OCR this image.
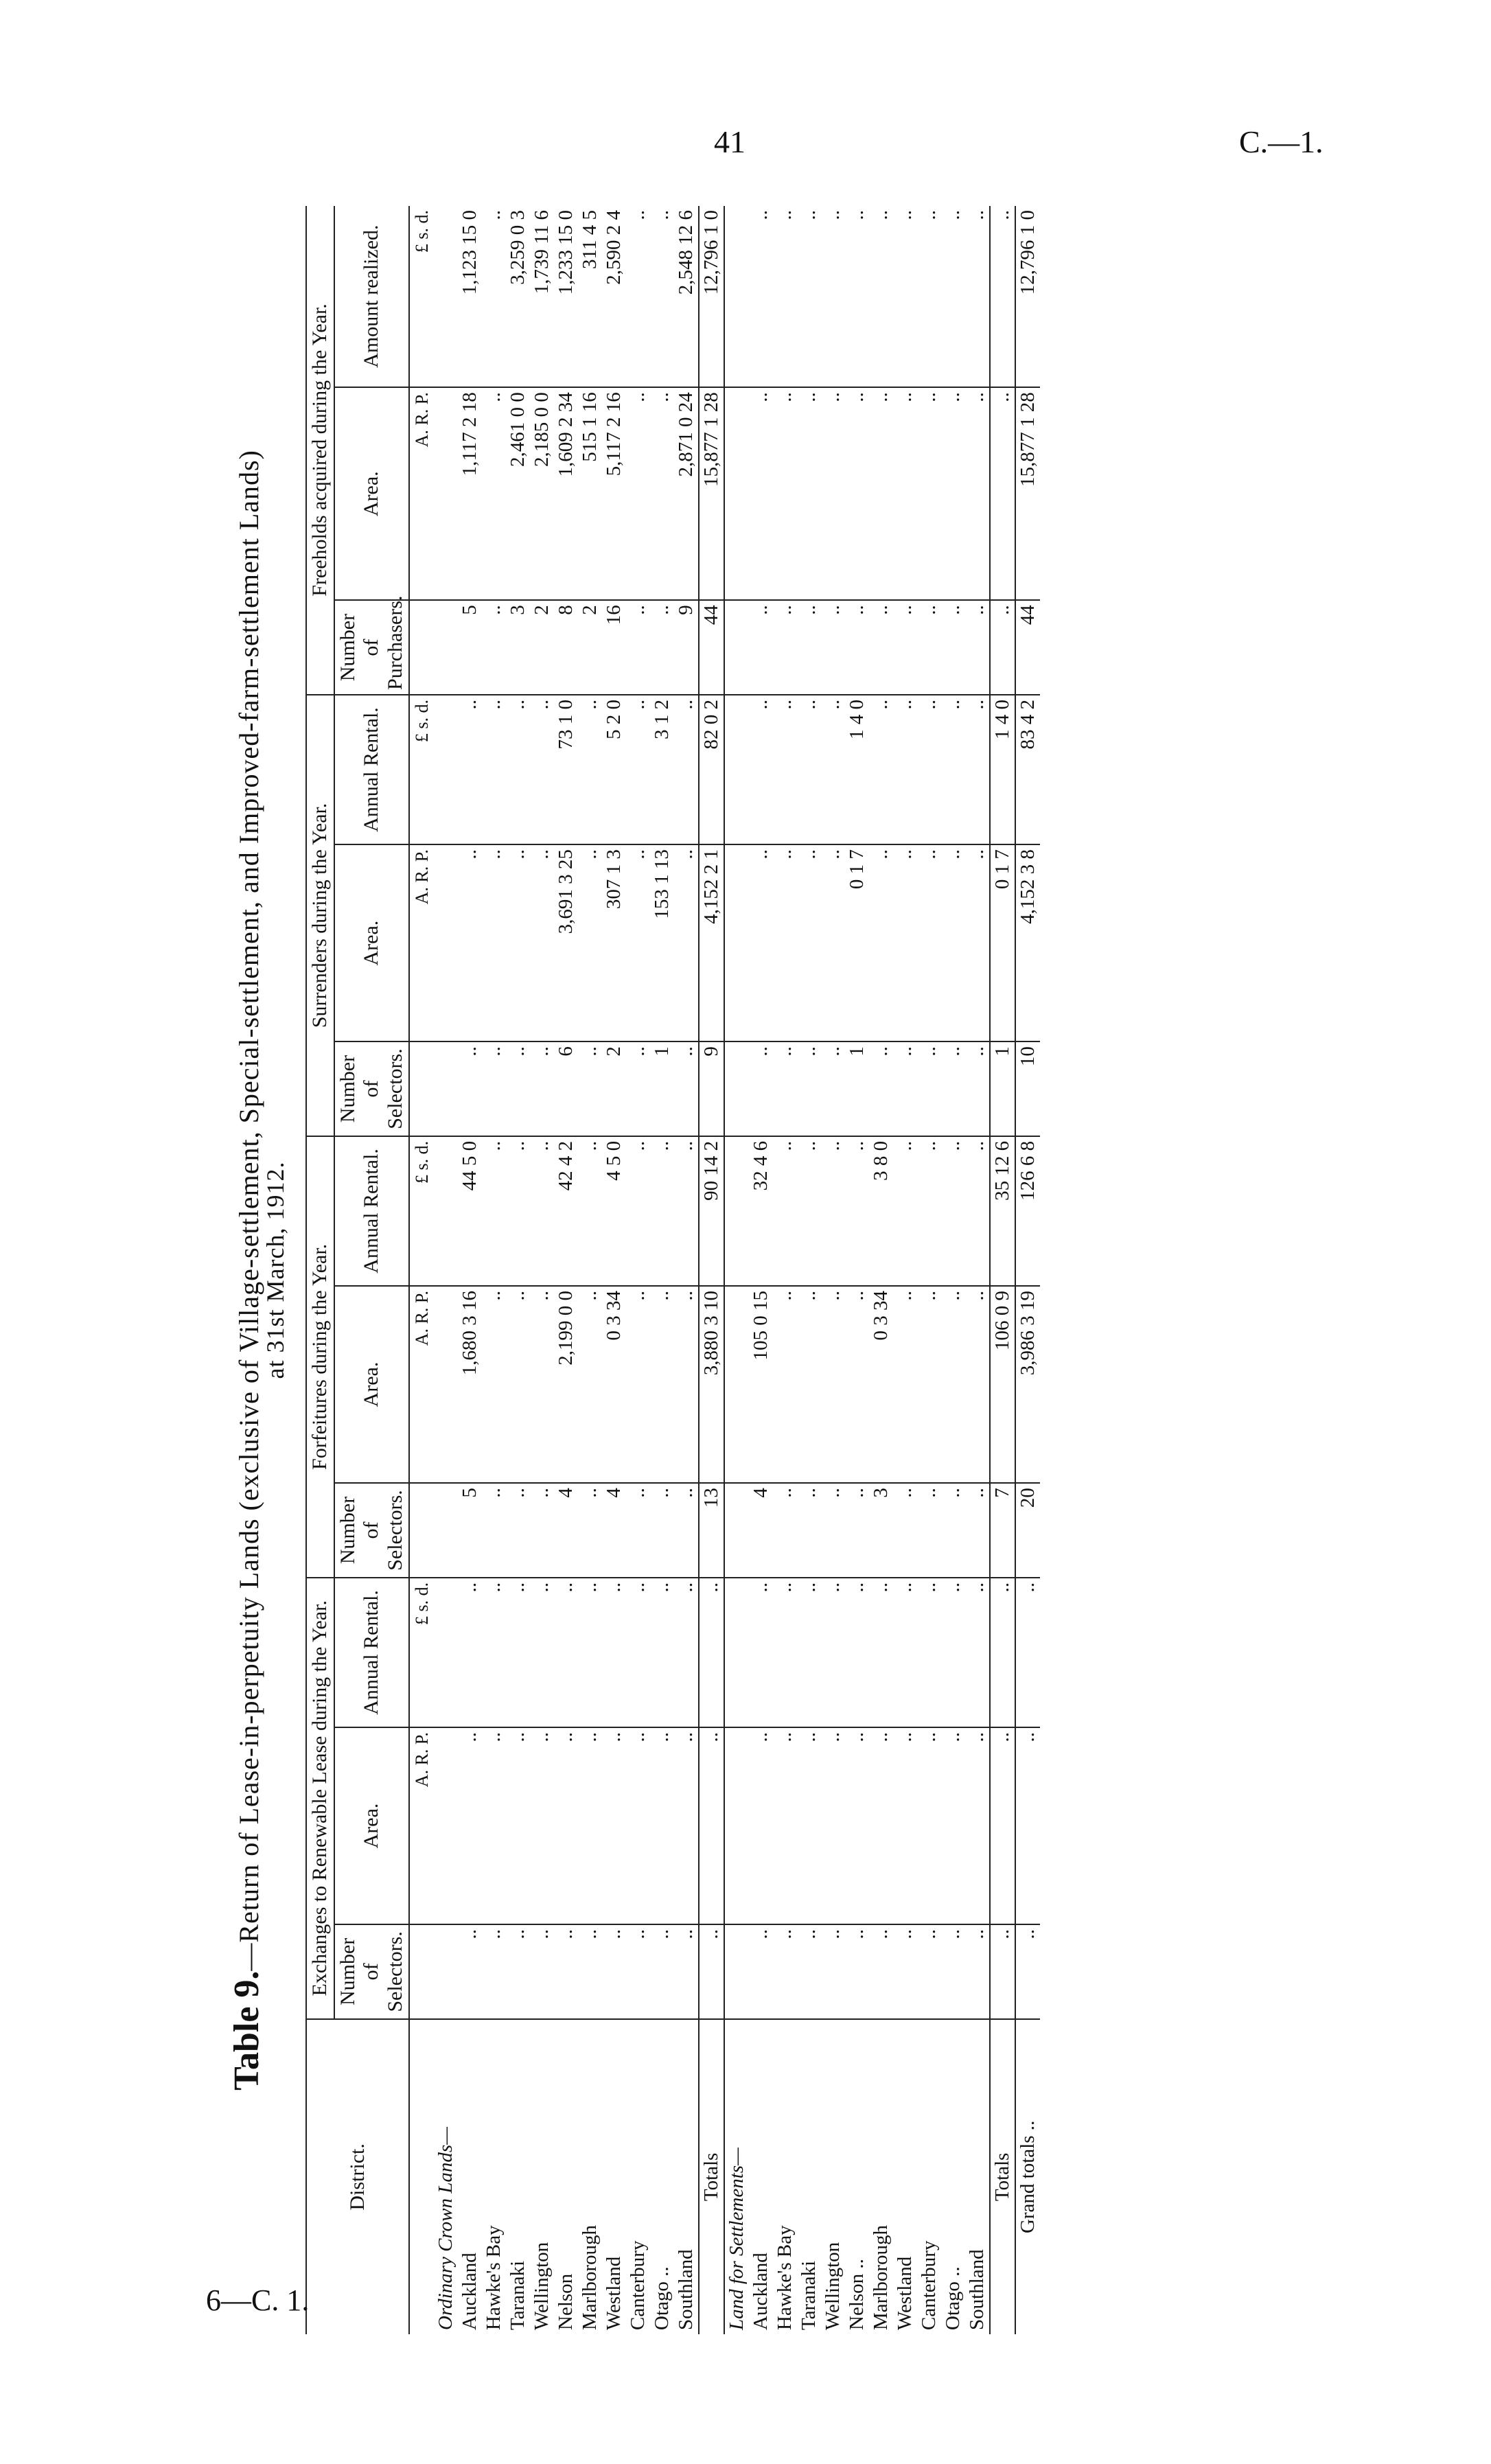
41	C.—1.
Table 9.—Return of Lease-in-perpetuity Lands (exclusive of Village-settlement, Special-settlement, and Improved-farm-settlement Lands)
at 31st March, 1912.
District.	Exchanges to Renewable Lease during the Year.			Forfeitures during the Year.			Surrenders during the Year.			Freeholds acquired during the Year.		
	Number of Selectors.	Area.	Annual Rental.	Number of Selectors.	Area.	Annual Rental.	Number of Selectors.	Area.	Annual Rental.	Number of Purchasers.	Area.	Amount realized.
		A. R. P.	£ s. d.		A. R. P.	£ s. d.		A. R. P.	£ s. d.		A. R. P.	£ s. d.
Ordinary Crown Lands—												
Auckland	..	..	..	5	1,680 3 16	44 5 0	..	..	..	5	1,117 2 18	1,123 15 0
Hawke's Bay	..	..	..	..	..	..	..	..	..	..	..	..
Taranaki	..	..	..	..	..	..	..	..	..	3	2,461 0 0	3,259 0 3
Wellington	..	..	..	..	..	..	..	..	..	2	2,185 0 0	1,739 11 6
Nelson	..	..	..	4	2,199 0 0	42 4 2	6	3,691 3 25	73 1 0	8	1,609 2 34	1,233 15 0
Marlborough	..	..	..	..	..	..	..	..	..	2	515 1 16	311 4 5
Westland	..	..	..	4	0 3 34	4 5 0	2	307 1 3	5 2 0	16	5,117 2 16	2,590 2 4
Canterbury	..	..	..	..	..	..	..	..	..	..	..	..
Otago ..	..	..	..	..	..	..	1	153 1 13	3 1 2	..	..	..
Southland	..	..	..	..	..	..	..	..	..	9	2,871 0 24	2,548 12 6
Totals	..	..	..	13	3,880 3 10	90 14 2	9	4,152 2 1	82 0 2	44	15,877 1 28	12,796 1 0
Land for Settlements—												
Auckland	..	..	..	4	105 0 15	32 4 6	..	..	..	..	..	..
Hawke's Bay	..	..	..	..	..	..	..	..	..	..	..	..
Taranaki	..	..	..	..	..	..	..	..	..	..	..	..
Wellington	..	..	..	..	..	..	..	..	..	..	..	..
Nelson ..	..	..	..	..	..	..	1	0 1 7	1 4 0	..	..	..
Marlborough	..	..	..	3	0 3 34	3 8 0	..	..	..	..	..	..
Westland	..	..	..	..	..	..	..	..	..	..	..	..
Canterbury	..	..	..	..	..	..	..	..	..	..	..	..
Otago ..	..	..	..	..	..	..	..	..	..	..	..	..
Southland	..	..	..	..	..	..	..	..	..	..	..	..
Totals	..	..	..	7	106 0 9	35 12 6	1	0 1 7	1 4 0	..	..	..
Grand totals ..	..	..	..	20	3,986 3 19	126 6 8	10	4,152 3 8	83 4 2	44	15,877 1 28	12,796 1 0
6—C. 1.
